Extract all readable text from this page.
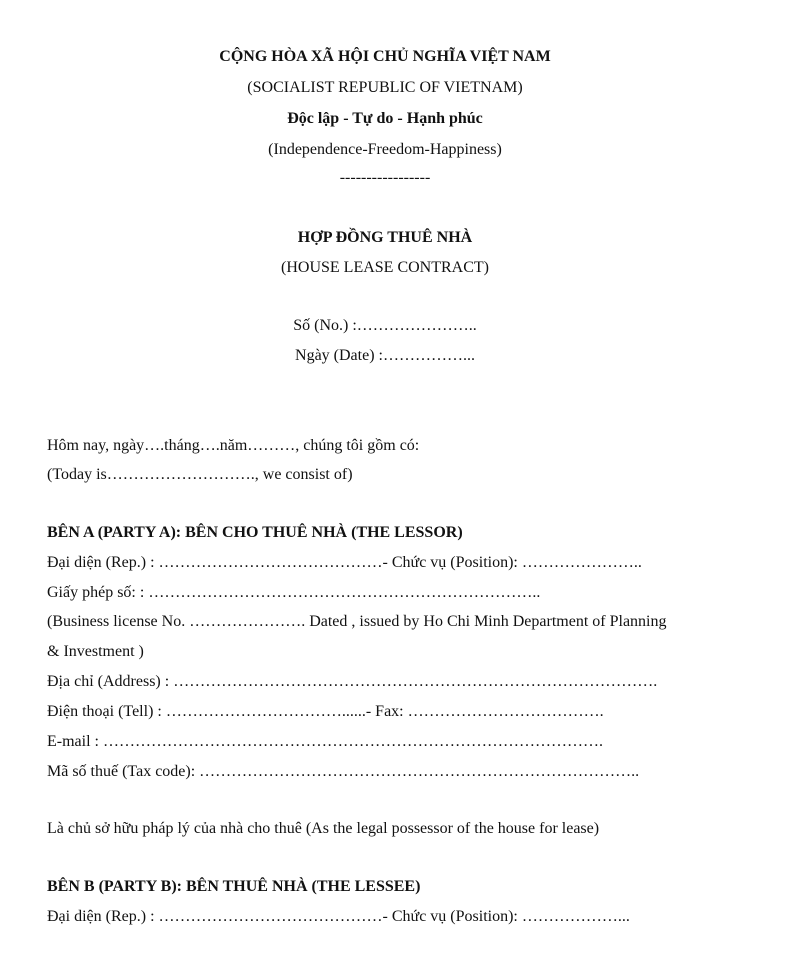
CỘNG HÒA XÃ HỘI CHỦ NGHĨA VIỆT NAM
(SOCIALIST REPUBLIC OF VIETNAM)
Độc lập - Tự do - Hạnh phúc
(Independence-Freedom-Happiness)
-----------------
HỢP ĐỒNG THUÊ NHÀ
(HOUSE LEASE CONTRACT)
Số (No.) :…………………..
Ngày (Date) :……………...
Hôm nay, ngày….tháng….năm………, chúng tôi gồm có:
(Today is………………………., we consist of)
BÊN A (PARTY A): BÊN CHO THUÊ NHÀ (THE LESSOR)
Đại diện (Rep.) : ……………………………………- Chức vụ (Position): …………………..
Giấy phép số: : ………………………………………………………………..
(Business license No. …………………. Dated , issued by Ho Chi Minh Department of Planning
& Investment )
Địa chỉ (Address) : ……………………………………………………………………………….
Điện thoại (Tell) : ……………………………......- Fax: ……………………………….
E-mail : ………………………………………………………………………………….
Mã số thuế (Tax code): ………………………………………………………………………..
Là chủ sở hữu pháp lý của nhà cho thuê (As the legal possessor of the house for lease)
BÊN B (PARTY B): BÊN THUÊ NHÀ (THE LESSEE)
Đại diện (Rep.) : ……………………………………- Chức vụ (Position): ………………...
